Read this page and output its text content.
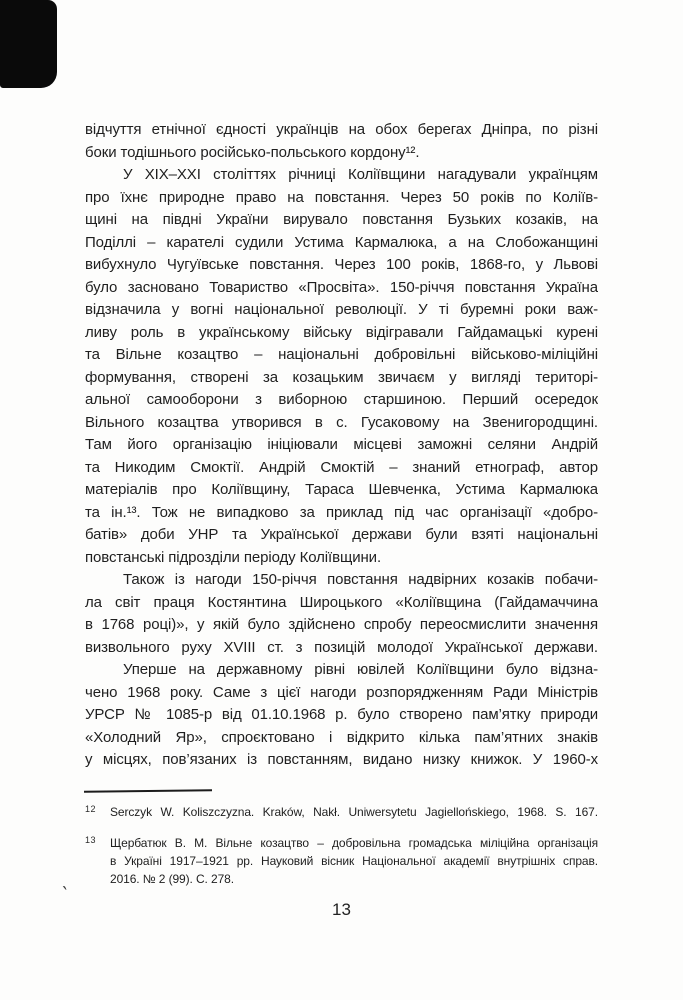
відчуття етнічної єдності українців на обох берегах Дніпра, по різні
боки тодішнього російсько-польського кордону¹².
У XIX–XXI століттях річниці Коліївщини нагадували українцям
про їхнє природне право на повстання. Через 50 років по Коліїв-
щині на півдні України вирувало повстання Бузьких козаків, на
Поділлі – карателі судили Устима Кармалюка, а на Слобожанщині
вибухнуло Чугуївське повстання. Через 100 років, 1868-го, у Львові
було засновано Товариство «Просвіта». 150-річчя повстання Україна
відзначила у вогні національної революції. У ті буремні роки важ-
ливу роль в українському війську відігравали Гайдамацькі курені
та Вільне козацтво – національні добровільні військово-міліційні
формування, створені за козацьким звичаєм у вигляді територі-
альної самооборони з виборною старшиною. Перший осередок
Вільного козацтва утворився в с. Гусаковому на Звенигородщині.
Там його організацію ініціювали місцеві заможні селяни Андрій
та Никодим Смоктії. Андрій Смоктій – знаний етнограф, автор
матеріалів про Коліївщину, Тараса Шевченка, Устима Кармалюка
та ін.¹³. Тож не випадково за приклад під час організації «добро-
батів» доби УНР та Української держави були взяті національні
повстанські підрозділи періоду Коліївщини.
Також із нагоди 150-річчя повстання надвірних козаків побачи-
ла світ праця Костянтина Широцького «Коліївщина (Гайдамаччина
в 1768 році)», у якій було здійснено спробу переосмислити значення
визвольного руху XVIII ст. з позицій молодої Української держави.
Уперше на державному рівні ювілей Коліївщини було відзна-
чено 1968 року. Саме з цієї нагоди розпорядженням Ради Міністрів
УРСР № 1085-р від 01.10.1968 р. було створено пам’ятку природи
«Холодний Яр», спроєктовано і відкрито кілька пам’ятних знаків
у місцях, пов’язаних із повстанням, видано низку книжок. У 1960-х
12 Serczyk W. Koliszczyzna. Kraków, Nakł. Uniwersytetu Jagiellońskiego, 1968. S. 167.
13 Щербатюк В. М. Вільне козацтво – добровільна громадська міліційна організація
в Україні 1917–1921 рр. Науковий вісник Національної академії внутрішніх справ.
2016. № 2 (99). С. 278.
`
13
